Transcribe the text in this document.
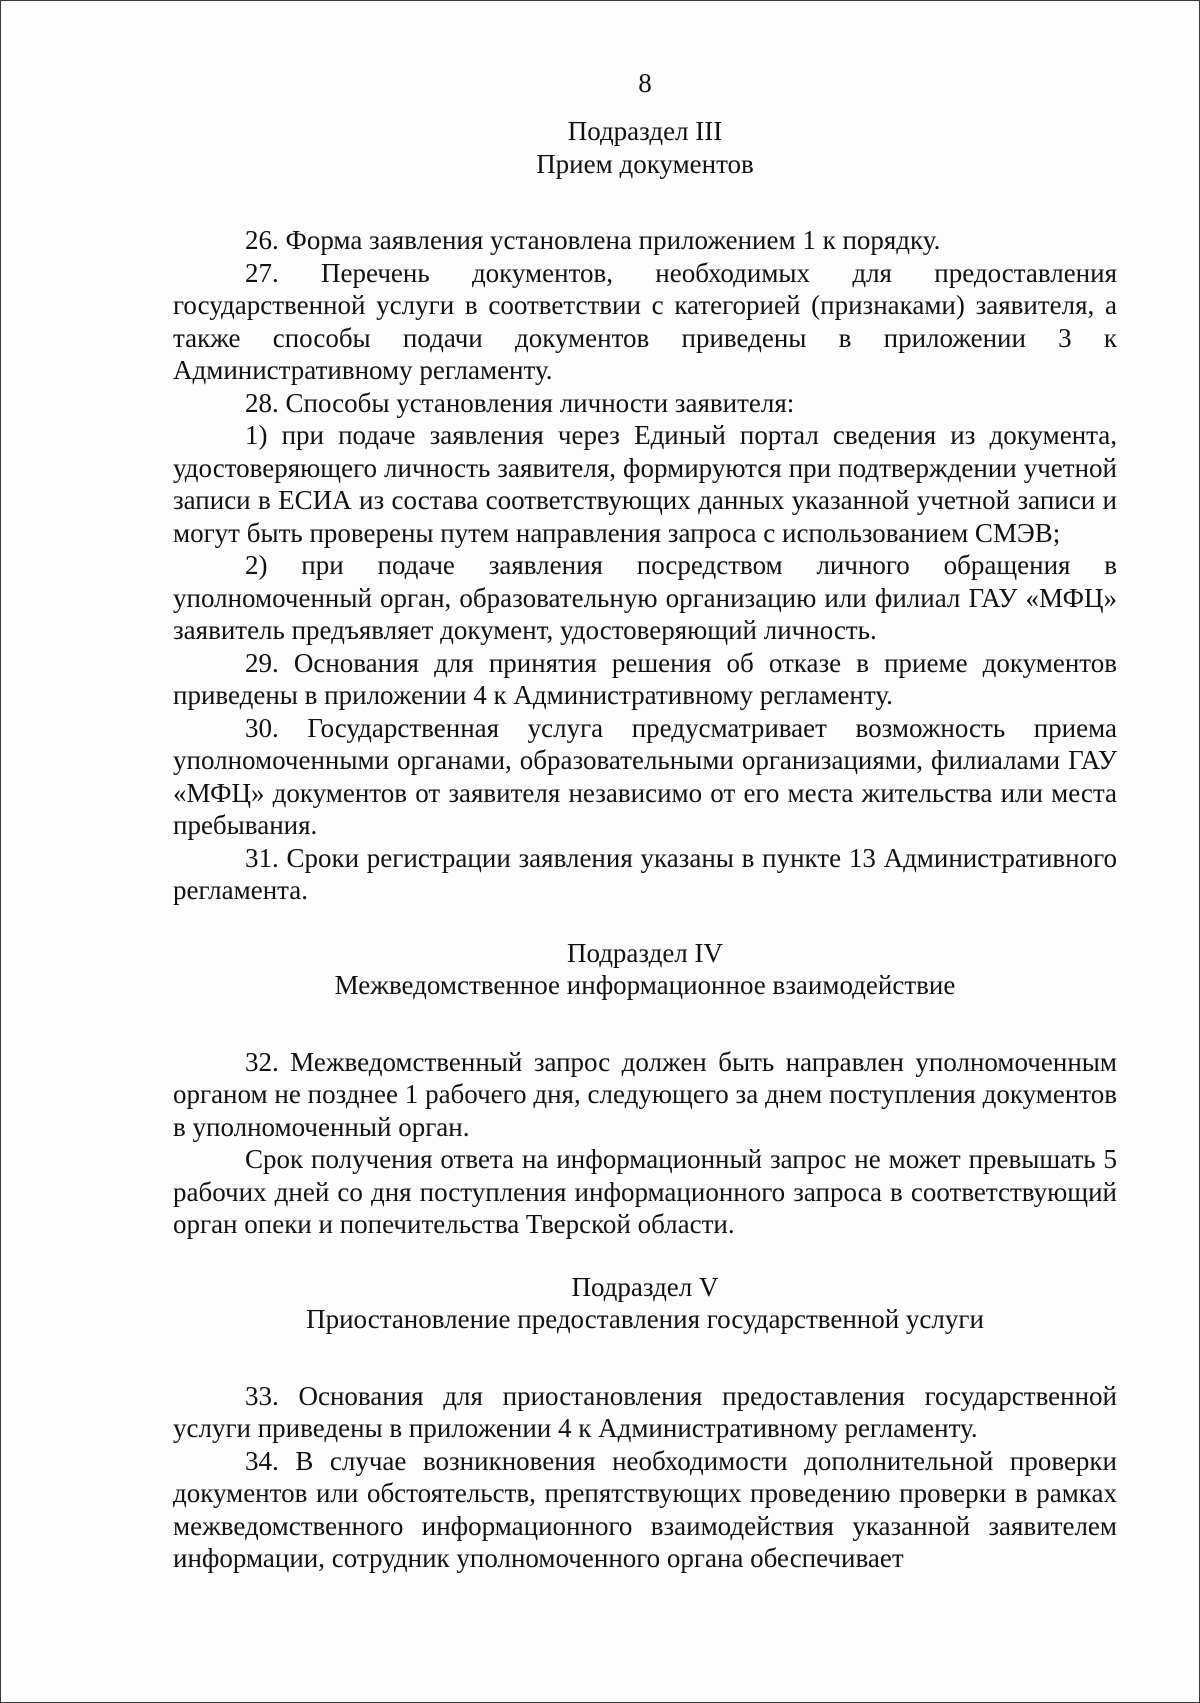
8

Подраздел III

Прием документов

26. Форма заявления установлена приложением 1 к порядку.

27. Перечень документов, необходимых для предоставления государственной услуги в соответствии с категорией (признаками) заявителя, а также способы подачи документов приведены в приложении 3 к Административному регламенту.

28. Способы установления личности заявителя:

1) при подаче заявления через Единый портал сведения из документа, удостоверяющего личность заявителя, формируются при подтверждении учетной записи в ЕСИА из состава соответствующих данных указанной учетной записи и могут быть проверены путем направления запроса с использованием СМЭВ;

2) при подаче заявления посредством личного обращения в уполномоченный орган, образовательную организацию или филиал ГАУ «МФЦ» заявитель предъявляет документ, удостоверяющий личность.

29. Основания для принятия решения об отказе в приеме документов приведены в приложении 4 к Административному регламенту.

30. Государственная услуга предусматривает возможность приема уполномоченными органами, образовательными организациями, филиалами ГАУ «МФЦ» документов от заявителя независимо от его места жительства или места пребывания.

31. Сроки регистрации заявления указаны в пункте 13 Административного регламента.

Подраздел IV

Межведомственное информационное взаимодействие

32. Межведомственный запрос должен быть направлен уполномоченным органом не позднее 1 рабочего дня, следующего за днем поступления документов в уполномоченный орган.

Срок получения ответа на информационный запрос не может превышать 5 рабочих дней со дня поступления информационного запроса в соответствующий орган опеки и попечительства Тверской области.

Подраздел V

Приостановление предоставления государственной услуги

33. Основания для приостановления предоставления государственной услуги приведены в приложении 4 к Административному регламенту.

34. В случае возникновения необходимости дополнительной проверки документов или обстоятельств, препятствующих проведению проверки в рамках межведомственного информационного взаимодействия указанной заявителем информации, сотрудник уполномоченного органа обеспечивает
